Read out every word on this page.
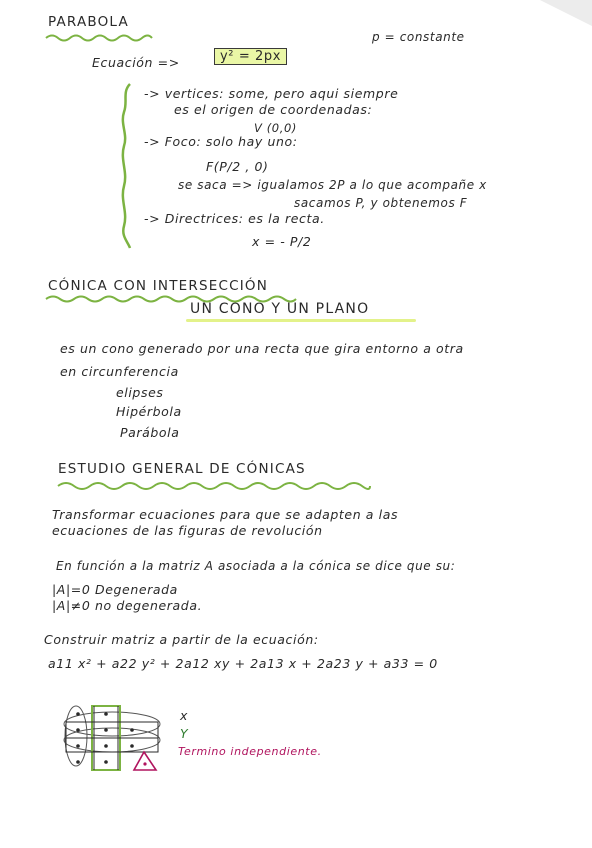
PARABOLA
p = constante
Ecuación =>	y² = 2px
-> vertices: some, pero aqui siempre
es el origen de coordenadas:
V (0,0)
-> Foco: solo hay uno:
F(P/2 , 0)
se saca => igualamos 2P a lo que acompañe x
sacamos P, y obtenemos F
-> Directrices: es la recta.
x = - P/2
CÓNICA CON INTERSECCIÓN
UN CONO Y UN PLANO
es un cono generado por una recta que gira entorno a otra
en circunferencia
elipses
Hipérbola
Parábola
ESTUDIO GENERAL DE CÓNICAS
Transformar ecuaciones para que se adapten a las
ecuaciones de las figuras de revolución
En función a la matriz A asociada a la cónica se dice que su:
|A|=0 Degenerada
|A|≠0 no degenerada.
Construir matriz a partir de la ecuación:
a11 x² + a22 y² + 2a12 xy + 2a13 x + 2a23 y + a33 = 0
x
Y
Termino independiente.
